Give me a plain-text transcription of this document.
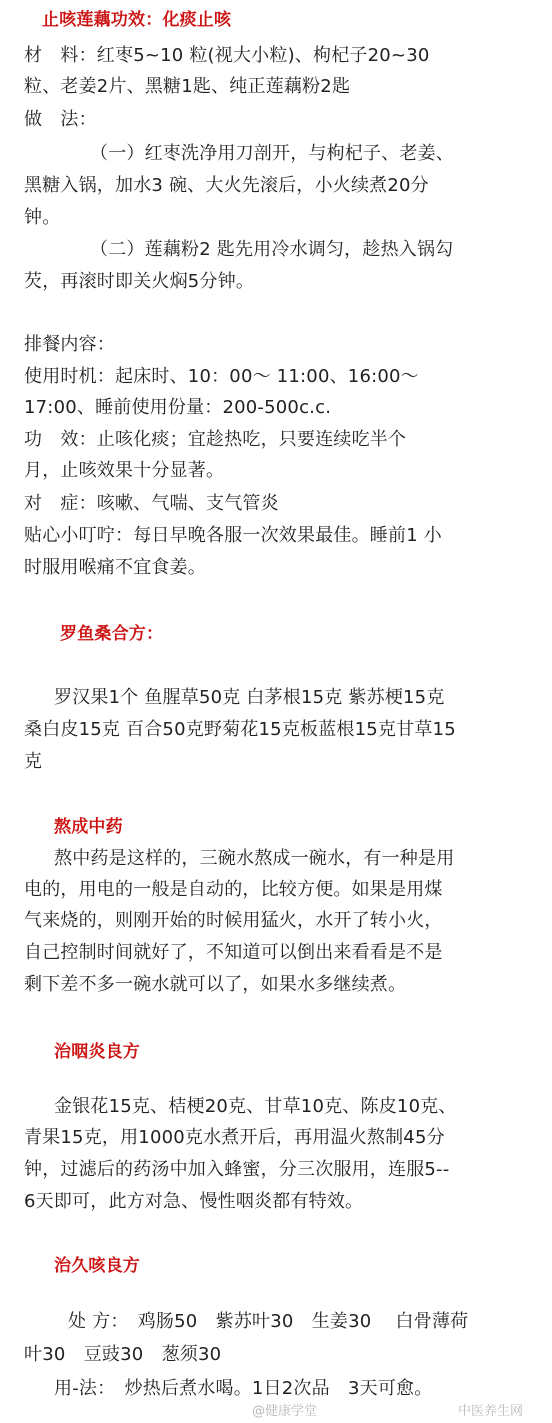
止咳莲藕功效：化痰止咳
材　料：红枣5~10 粒(视大小粒)、枸杞子20~30
粒、老姜2片、黑糖1匙、纯正莲藕粉2匙
做　法：
（一）红枣洗净用刀剖开，与枸杞子、老姜、
黑糖入锅，加水3 碗、大火先滚后，小火续煮20分
钟。
（二）莲藕粉2 匙先用冷水调匀，趁热入锅勾
芡，再滚时即关火焖5分钟。
排餐内容：
使用时机：起床时、10：00～ 11:00、16:00～
17:00、睡前使用份量：200-500c.c.
功　效：止咳化痰；宜趁热吃，只要连续吃半个
月，止咳效果十分显著。
对　症：咳嗽、气喘、支气管炎
贴心小叮咛：每日早晚各服一次效果最佳。睡前1 小
时服用喉痛不宜食姜。
罗鱼桑合方：
罗汉果1个 鱼腥草50克 白茅根15克 紫苏梗15克
桑白皮15克 百合50克野菊花15克板蓝根15克甘草15
克
熬成中药
熬中药是这样的，三碗水熬成一碗水，有一种是用
电的，用电的一般是自动的，比较方便。如果是用煤
气来烧的，则刚开始的时候用猛火，水开了转小火，
自己控制时间就好了，不知道可以倒出来看看是不是
剩下差不多一碗水就可以了，如果水多继续煮。
治咽炎良方
金银花15克、桔梗20克、甘草10克、陈皮10克、
青果15克，用1000克水煮开后，再用温火熬制45分
钟，过滤后的药汤中加入蜂蜜，分三次服用，连服5--
6天即可，此方对急、慢性咽炎都有特效。
治久咳良方
处 方：　鸡肠50　紫苏叶30　生姜30　 白骨薄荷
叶30　豆豉30　葱须30
用-法：　炒热后煮水喝。1日2次品　3天可愈。
@健康学堂	中医养生网
